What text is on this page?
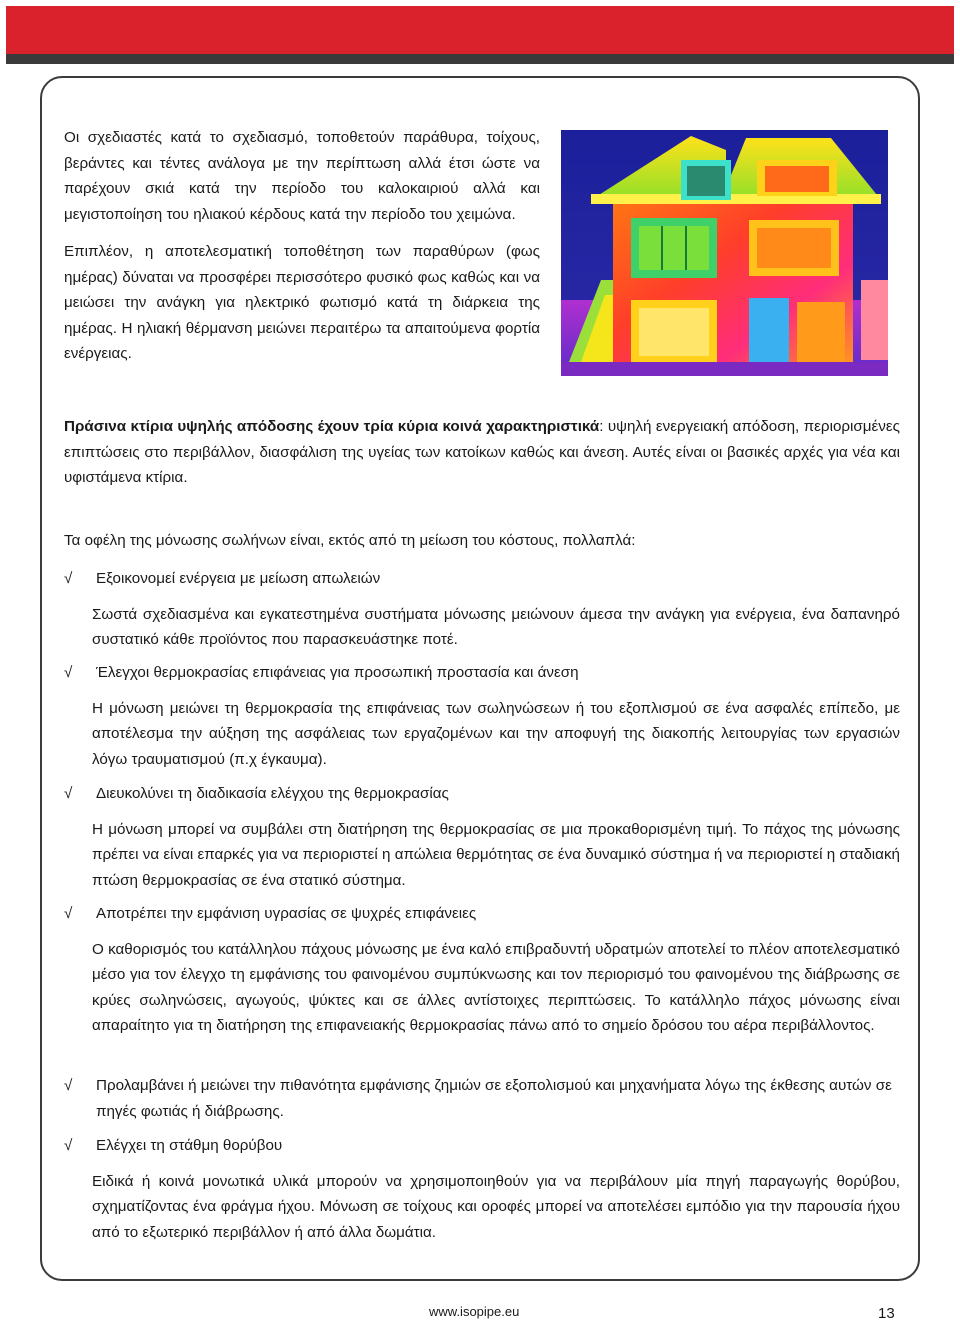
Οι σχεδιαστές κατά το σχεδιασμό, τοποθετούν παράθυρα, τοίχους, βεράντες και τέντες ανάλογα με την περίπτωση αλλά έτσι ώστε να παρέχουν σκιά κατά την περίοδο του καλοκαιριού αλλά και μεγιστοποίηση του ηλιακού κέρδους κατά την περίοδο του χειμώνα.

Επιπλέον, η αποτελεσματική τοποθέτηση των παραθύρων (φως ημέρας) δύναται να προσφέρει περισσότερο φυσικό φως καθώς και να μειώσει την ανάγκη για ηλεκτρικό φωτισμό κατά τη διάρκεια της ημέρας. Η ηλιακή θέρμανση μειώνει περαιτέρω τα απαιτούμενα φορτία ενέργειας.

Πράσινα κτίρια υψηλής απόδοσης έχουν τρία κύρια κοινά χαρακτηριστικά: υψηλή ενεργειακή απόδοση, περιορισμένες επιπτώσεις στο περιβάλλον, διασφάλιση της υγείας των κατοίκων καθώς και άνεση. Αυτές είναι οι βασικές αρχές για νέα και υφιστάμενα κτίρια.

Τα οφέλη της μόνωσης σωλήνων είναι, εκτός από τη μείωση του κόστους, πολλαπλά:

√	Εξοικονομεί ενέργεια με μείωση απωλειών
Σωστά σχεδιασμένα και εγκατεστημένα συστήματα μόνωσης μειώνουν άμεσα την ανάγκη για ενέργεια, ένα δαπανηρό συστατικό κάθε προϊόντος που παρασκευάστηκε ποτέ.
√	Έλεγχοι θερμοκρασίας επιφάνειας για προσωπική προστασία και άνεση
Η μόνωση μειώνει τη θερμοκρασία της επιφάνειας των σωληνώσεων ή του εξοπλισμού σε ένα ασφαλές επίπεδο, με αποτέλεσμα την αύξηση της ασφάλειας των εργαζομένων και την αποφυγή της διακοπής λειτουργίας των εργασιών λόγω τραυματισμού (π.χ έγκαυμα).
√	Διευκολύνει τη διαδικασία ελέγχου της θερμοκρασίας
Η μόνωση μπορεί να συμβάλει στη διατήρηση της θερμοκρασίας σε μια προκαθορισμένη τιμή. Το πάχος της μόνωσης πρέπει να είναι επαρκές για να περιοριστεί η απώλεια θερμότητας σε ένα δυναμικό σύστημα ή να περιοριστεί η σταδιακή πτώση θερμοκρασίας σε ένα στατικό σύστημα.
√	Αποτρέπει την εμφάνιση υγρασίας σε ψυχρές επιφάνειες
Ο καθορισμός του κατάλληλου πάχους μόνωσης με ένα καλό επιβραδυντή υδρατμών αποτελεί το πλέον αποτελεσματικό μέσο για τον έλεγχο τη εμφάνισης του φαινομένου συμπύκνωσης και τον περιορισμό του φαινομένου της διάβρωσης σε κρύες σωληνώσεις, αγωγούς, ψύκτες και σε άλλες αντίστοιχες περιπτώσεις. Το κατάλληλο πάχος μόνωσης είναι απαραίτητο για τη διατήρηση της επιφανειακής θερμοκρασίας πάνω από το σημείο δρόσου του αέρα περιβάλλοντος.
√	Προλαμβάνει ή μειώνει την πιθανότητα εμφάνισης ζημιών σε εξοπολισμού και μηχανήματα λόγω της έκθεσης αυτών σε πηγές φωτιάς ή διάβρωσης.
√	Ελέγχει τη στάθμη θορύβου
Ειδικά ή κοινά μονωτικά υλικά μπορούν να χρησιμοποιηθούν για να περιβάλουν μία πηγή παραγωγής θορύβου, σχηματίζοντας ένα φράγμα ήχου. Μόνωση σε τοίχους και οροφές μπορεί να αποτελέσει εμπόδιο για την παρουσία ήχου από το εξωτερικό περιβάλλον ή από άλλα δωμάτια.
www.isopipe.eu	13
